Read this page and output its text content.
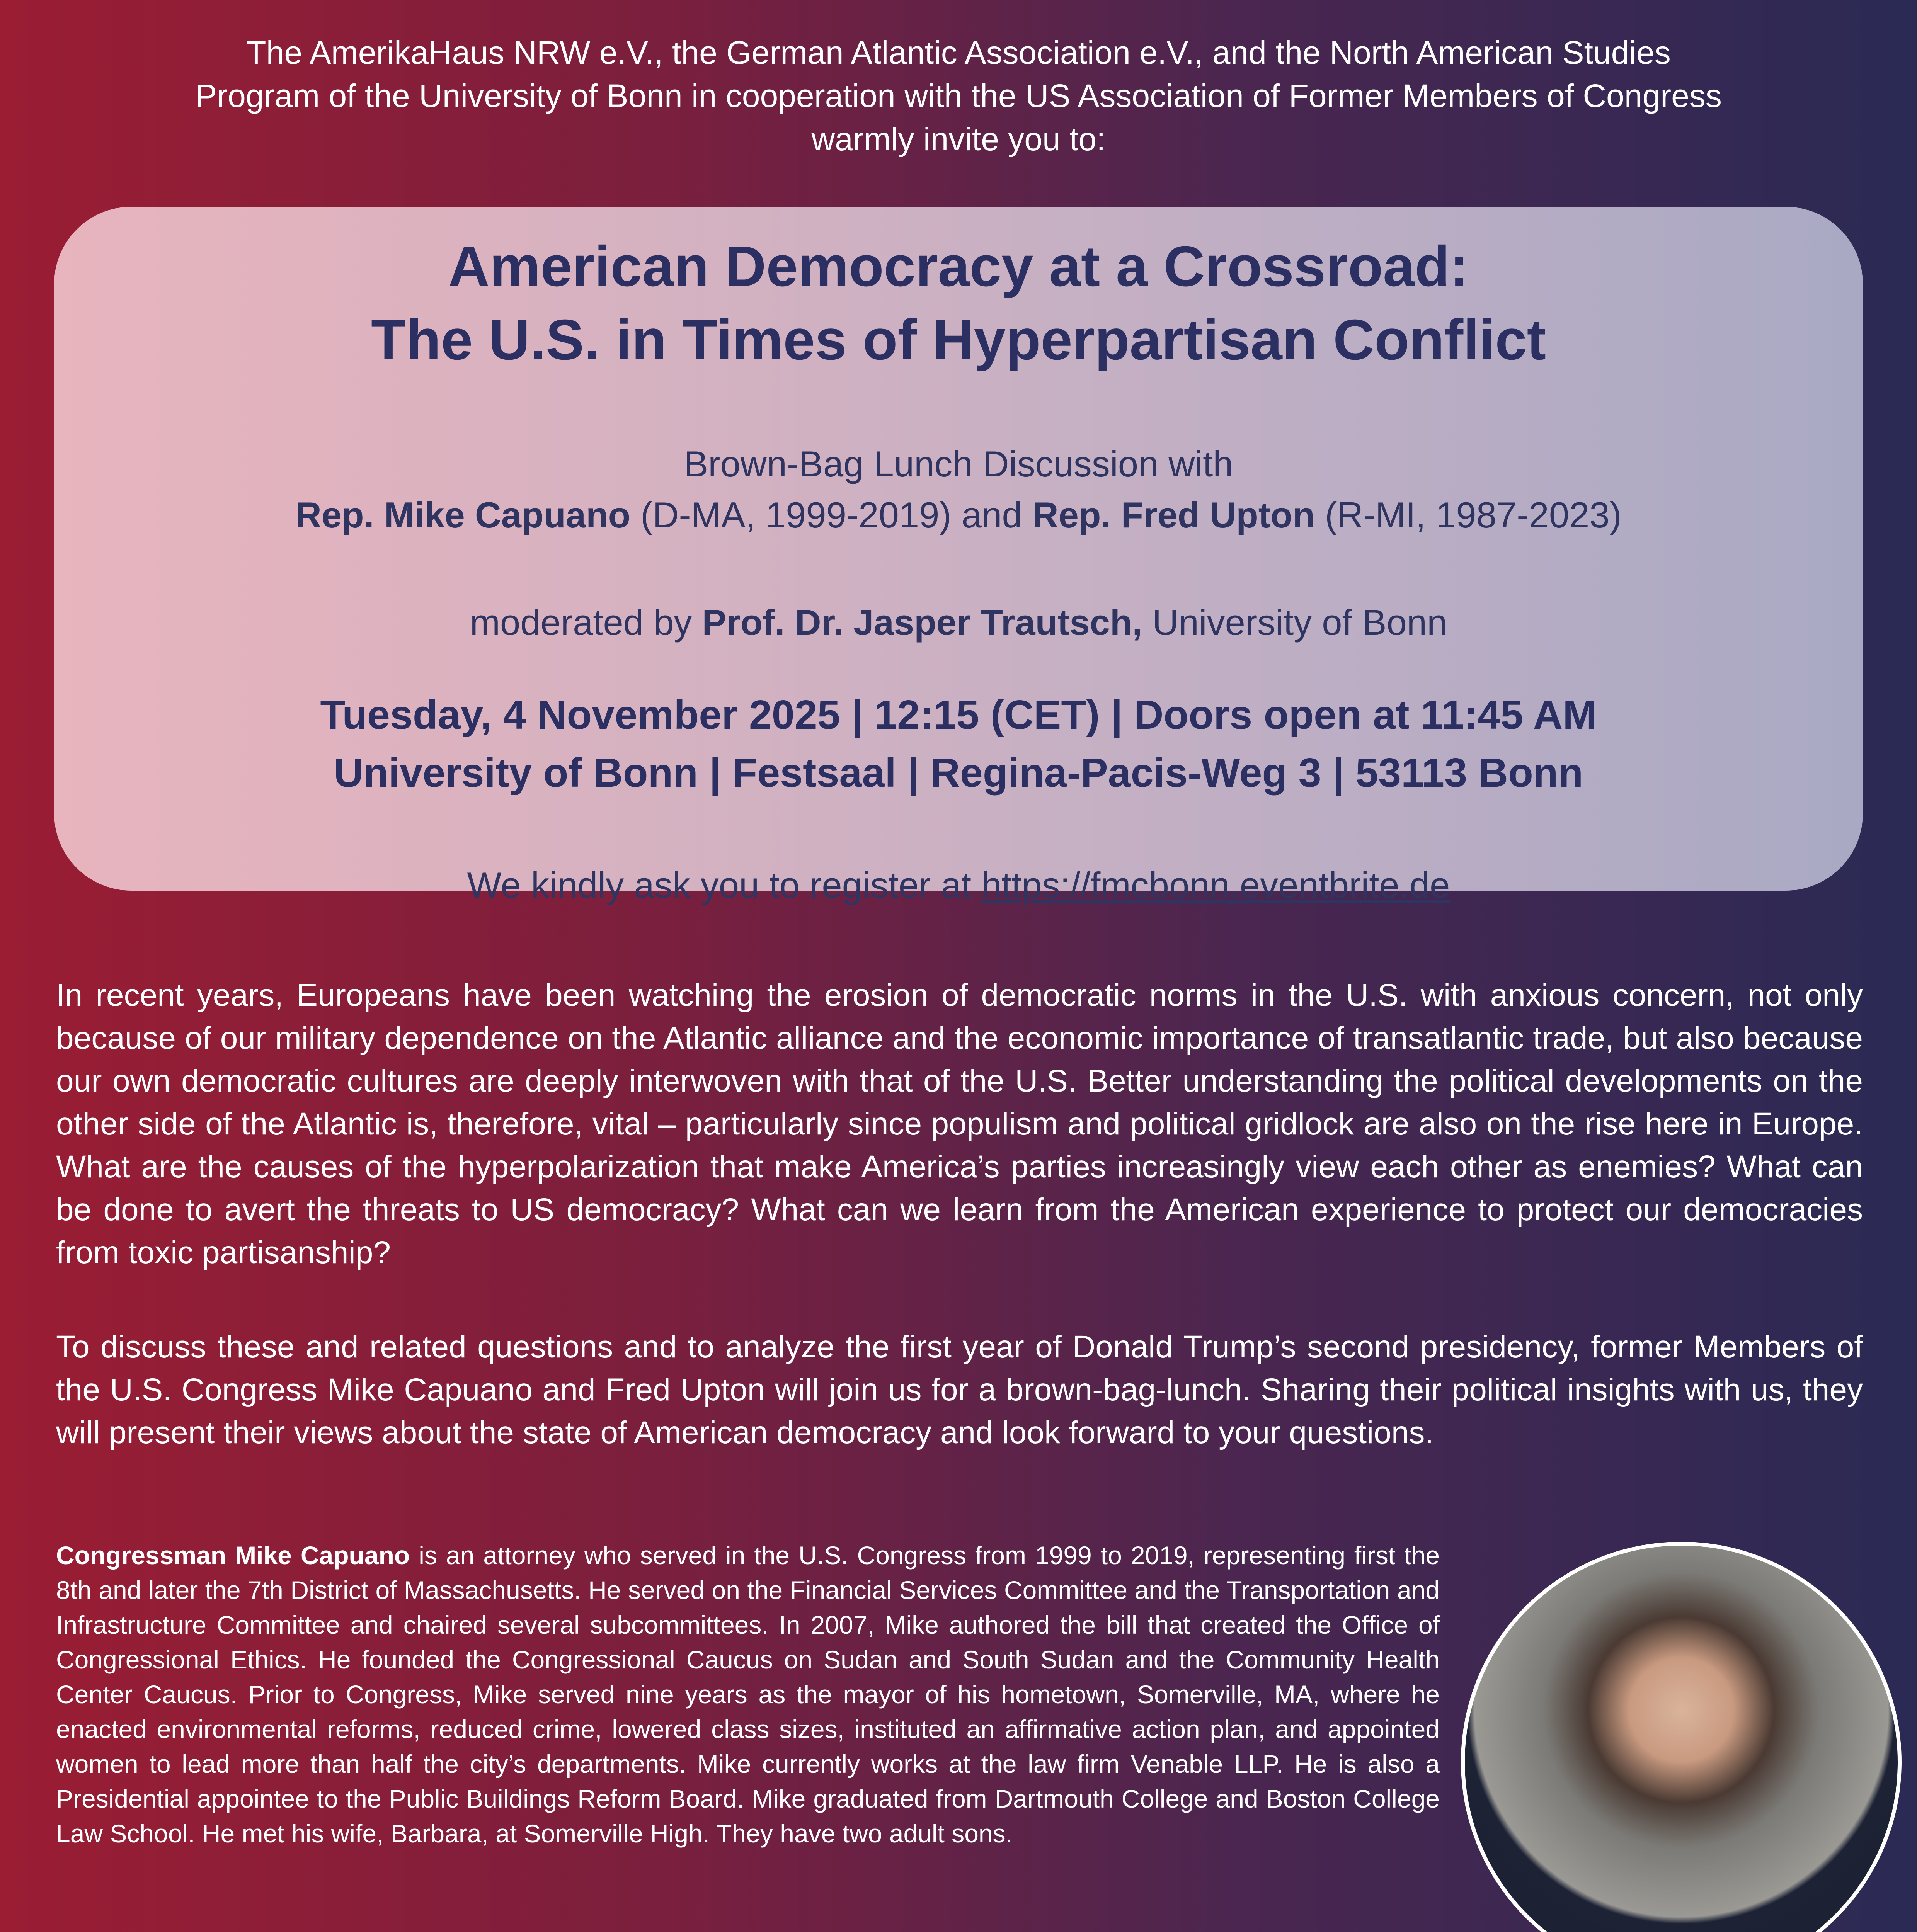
The AmerikaHaus NRW e.V., the German Atlantic Association e.V., and the North American Studies

Program of the University of Bonn in cooperation with the US Association of Former Members of Congress

warmly invite you to:

American Democracy at a Crossroad:
The U.S. in Times of Hyperpartisan Conflict
Brown-Bag Lunch Discussion with
Rep. Mike Capuano (D-MA, 1999-2019) and Rep. Fred Upton (R-MI, 1987-2023)
moderated by Prof. Dr. Jasper Trautsch, University of Bonn
Tuesday, 4 November 2025 | 12:15 (CET) | Doors open at 11:45 AM
University of Bonn | Festsaal | Regina-Pacis-Weg 3 | 53113 Bonn
We kindly ask you to register at https://fmcbonn.eventbrite.de
In recent years, Europeans have been watching the erosion of democratic norms in the U.S. with anxious concern, not only because of our military dependence on the Atlantic alliance and the economic importance of transatlantic trade, but also because our own democratic cultures are deeply interwoven with that of the U.S. Better understanding the political developments on the other side of the Atlantic is, therefore, vital – particularly since populism and political gridlock are also on the rise here in Europe. What are the causes of the hyperpolarization that make America’s parties increasingly view each other as enemies? What can be done to avert the threats to US democracy? What can we learn from the American experience to protect our democracies from toxic partisanship?
To discuss these and related questions and to analyze the first year of Donald Trump’s second presidency, former Members of the U.S. Congress Mike Capuano and Fred Upton will join us for a brown-bag-lunch. Sharing their political insights with us, they will present their views about the state of American democracy and look forward to your questions.
Congressman Mike Capuano is an attorney who served in the U.S. Congress from 1999 to 2019, representing first the 8th and later the 7th District of Massachusetts. He served on the Financial Services Committee and the Transportation and Infrastructure Committee and chaired several subcommittees. In 2007, Mike authored the bill that created the Office of Congressional Ethics. He founded the Congressional Caucus on Sudan and South Sudan and the Community Health Center Caucus. Prior to Congress, Mike served nine years as the mayor of his hometown, Somerville, MA, where he enacted environmental reforms, reduced crime, lowered class sizes, instituted an affirmative action plan, and appointed women to lead more than half the city’s departments. Mike currently works at the law firm Venable LLP. He is also a Presidential appointee to the Public Buildings Reform Board. Mike graduated from Dartmouth College and Boston College Law School. He met his wife, Barbara, at Somerville High. They have two adult sons.
